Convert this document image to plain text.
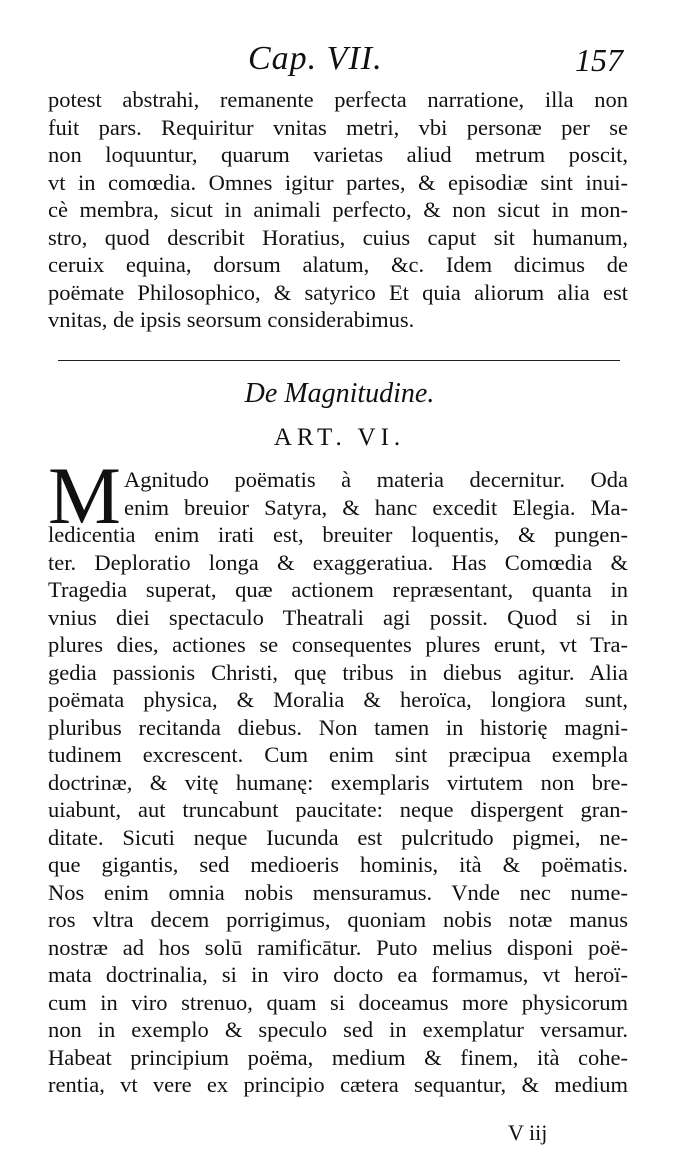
Cap. VII.	157
potest abstrahi, remanente perfecta narratione, illa non
fuit pars. Requiritur vnitas metri, vbi personæ per se
non loquuntur, quarum varietas aliud metrum poscit,
vt in comœdia. Omnes igitur partes, & episodiæ sint inui-
cè membra, sicut in animali perfecto, & non sicut in mon-
stro, quod describit Horatius, cuius caput sit humanum,
ceruix equina, dorsum alatum, &c. Idem dicimus de
poëmate Philosophico, & satyrico Et quia aliorum alia est
vnitas, de ipsis seorsum considerabimus.
De Magnitudine.
ART. VI.
M Agnitudo poëmatis à materia decernitur. Oda
enim breuior Satyra, & hanc excedit Elegia. Ma-
ledicentia enim irati est, breuiter loquentis, & pungen-
ter. Deploratio longa & exaggeratiua. Has Comœdia &
Tragedia superat, quæ actionem repræsentant, quanta in
vnius diei spectaculo Theatrali agi possit. Quod si in
plures dies, actiones se consequentes plures erunt, vt Tra-
gedia passionis Christi, quę tribus in diebus agitur. Alia
poëmata physica, & Moralia & heroïca, longiora sunt,
pluribus recitanda diebus. Non tamen in historię magni-
tudinem excrescent. Cum enim sint præcipua exempla
doctrinæ, & vitę humanę: exemplaris virtutem non bre-
uiabunt, aut truncabunt paucitate: neque dispergent gran-
ditate. Sicuti neque Iucunda est pulcritudo pigmei, ne-
que gigantis, sed medioeris hominis, ità & poëmatis.
Nos enim omnia nobis mensuramus. Vnde nec nume-
ros vltra decem porrigimus, quoniam nobis notæ manus
nostræ ad hos solū ramificātur. Puto melius disponi poë-
mata doctrinalia, si in viro docto ea formamus, vt heroï-
cum in viro strenuo, quam si doceamus more physicorum
non in exemplo & speculo sed in exemplatur versamur.
Habeat principium poëma, medium & finem, ità cohe-
rentia, vt vere ex principio cætera sequantur, & medium
V iij
